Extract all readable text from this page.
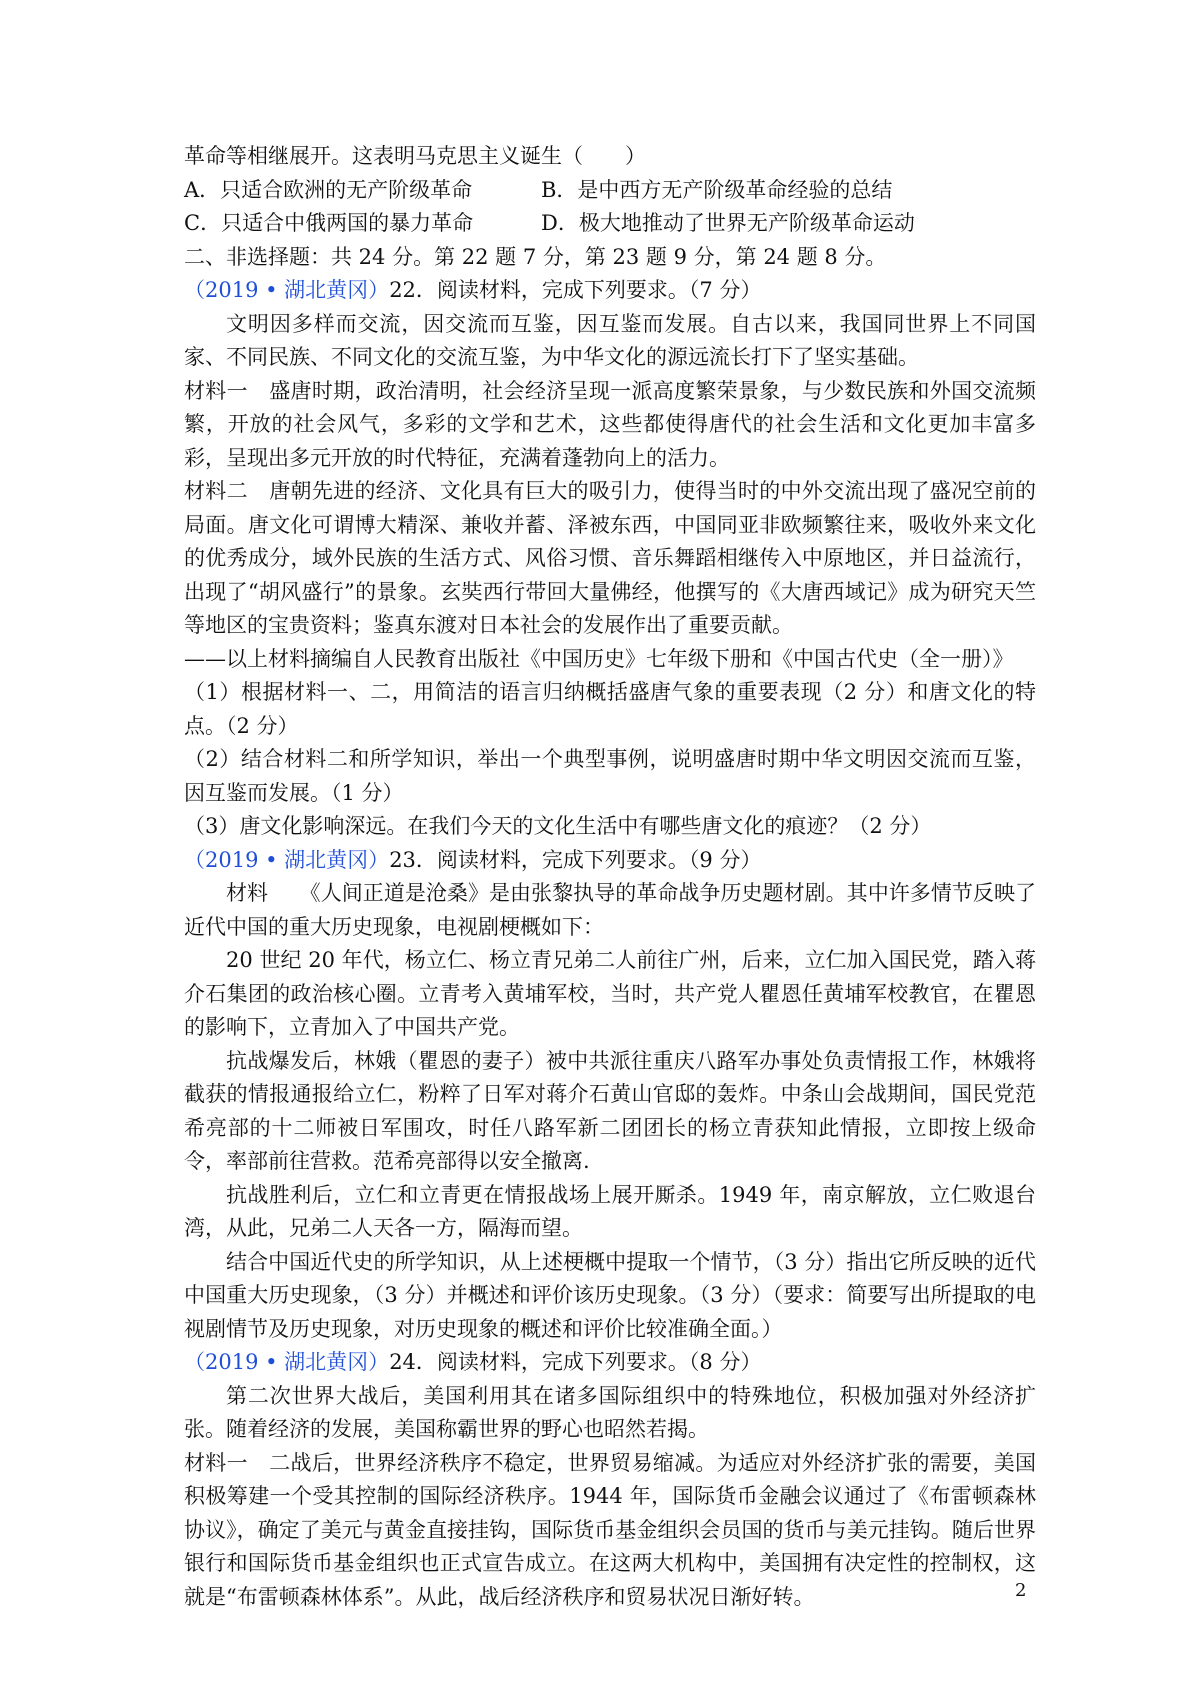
革命等相继展开。这表明马克思主义诞生（　　）

A．只适合欧洲的无产阶级革命	B．是中西方无产阶级革命经验的总结
C．只适合中俄两国的暴力革命	D．极大地推动了世界无产阶级革命运动

二、非选择题：共 24 分。第 22 题 7 分，第 23 题 9 分，第 24 题 8 分。

（2019 • 湖北黄冈）22．阅读材料，完成下列要求。（7 分）

文明因多样而交流，因交流而互鉴，因互鉴而发展。自古以来，我国同世界上不同国家、不同民族、不同文化的交流互鉴，为中华文化的源远流长打下了坚实基础。

材料一　盛唐时期，政治清明，社会经济呈现一派高度繁荣景象，与少数民族和外国交流频繁，开放的社会风气，多彩的文学和艺术，这些都使得唐代的社会生活和文化更加丰富多彩，呈现出多元开放的时代特征，充满着蓬勃向上的活力。

材料二　唐朝先进的经济、文化具有巨大的吸引力，使得当时的中外交流出现了盛况空前的局面。唐文化可谓博大精深、兼收并蓄、泽被东西，中国同亚非欧频繁往来，吸收外来文化的优秀成分，域外民族的生活方式、风俗习惯、音乐舞蹈相继传入中原地区，并日益流行，出现了“胡风盛行”的景象。玄奘西行带回大量佛经，他撰写的《大唐西域记》成为研究天竺等地区的宝贵资料；鉴真东渡对日本社会的发展作出了重要贡献。

——以上材料摘编自人民教育出版社《中国历史》七年级下册和《中国古代史（全一册）》

（1）根据材料一、二，用简洁的语言归纳概括盛唐气象的重要表现（2 分）和唐文化的特点。（2 分）

（2）结合材料二和所学知识，举出一个典型事例，说明盛唐时期中华文明因交流而互鉴，因互鉴而发展。（1 分）

（3）唐文化影响深远。在我们今天的文化生活中有哪些唐文化的痕迹？（2 分）

（2019 • 湖北黄冈）23．阅读材料，完成下列要求。（9 分）

材料　　《人间正道是沧桑》是由张黎执导的革命战争历史题材剧。其中许多情节反映了近代中国的重大历史现象，电视剧梗概如下：

20 世纪 20 年代，杨立仁、杨立青兄弟二人前往广州，后来，立仁加入国民党，踏入蒋介石集团的政治核心圈。立青考入黄埔军校，当时，共产党人瞿恩任黄埔军校教官，在瞿恩的影响下，立青加入了中国共产党。

抗战爆发后，林娥（瞿恩的妻子）被中共派往重庆八路军办事处负责情报工作，林娥将截获的情报通报给立仁，粉粹了日军对蒋介石黄山官邸的轰炸。中条山会战期间，国民党范希亮部的十二师被日军围攻，时任八路军新二团团长的杨立青获知此情报，立即按上级命令，率部前往营救。范希亮部得以安全撤离.

抗战胜利后，立仁和立青更在情报战场上展开厮杀。1949 年，南京解放，立仁败退台湾，从此，兄弟二人天各一方，隔海而望。

结合中国近代史的所学知识，从上述梗概中提取一个情节，（3 分）指出它所反映的近代中国重大历史现象，（3 分）并概述和评价该历史现象。（3 分）（要求：简要写出所提取的电视剧情节及历史现象，对历史现象的概述和评价比较准确全面。）

（2019 • 湖北黄冈）24．阅读材料，完成下列要求。（8 分）

第二次世界大战后，美国利用其在诸多国际组织中的特殊地位，积极加强对外经济扩张。随着经济的发展，美国称霸世界的野心也昭然若揭。

材料一　二战后，世界经济秩序不稳定，世界贸易缩减。为适应对外经济扩张的需要，美国积极筹建一个受其控制的国际经济秩序。1944 年，国际货币金融会议通过了《布雷顿森林协议》，确定了美元与黄金直接挂钩，国际货币基金组织会员国的货币与美元挂钩。随后世界银行和国际货币基金组织也正式宣告成立。在这两大机构中，美国拥有决定性的控制权，这就是“布雷顿森林体系”。从此，战后经济秩序和贸易状况日渐好转。	2
